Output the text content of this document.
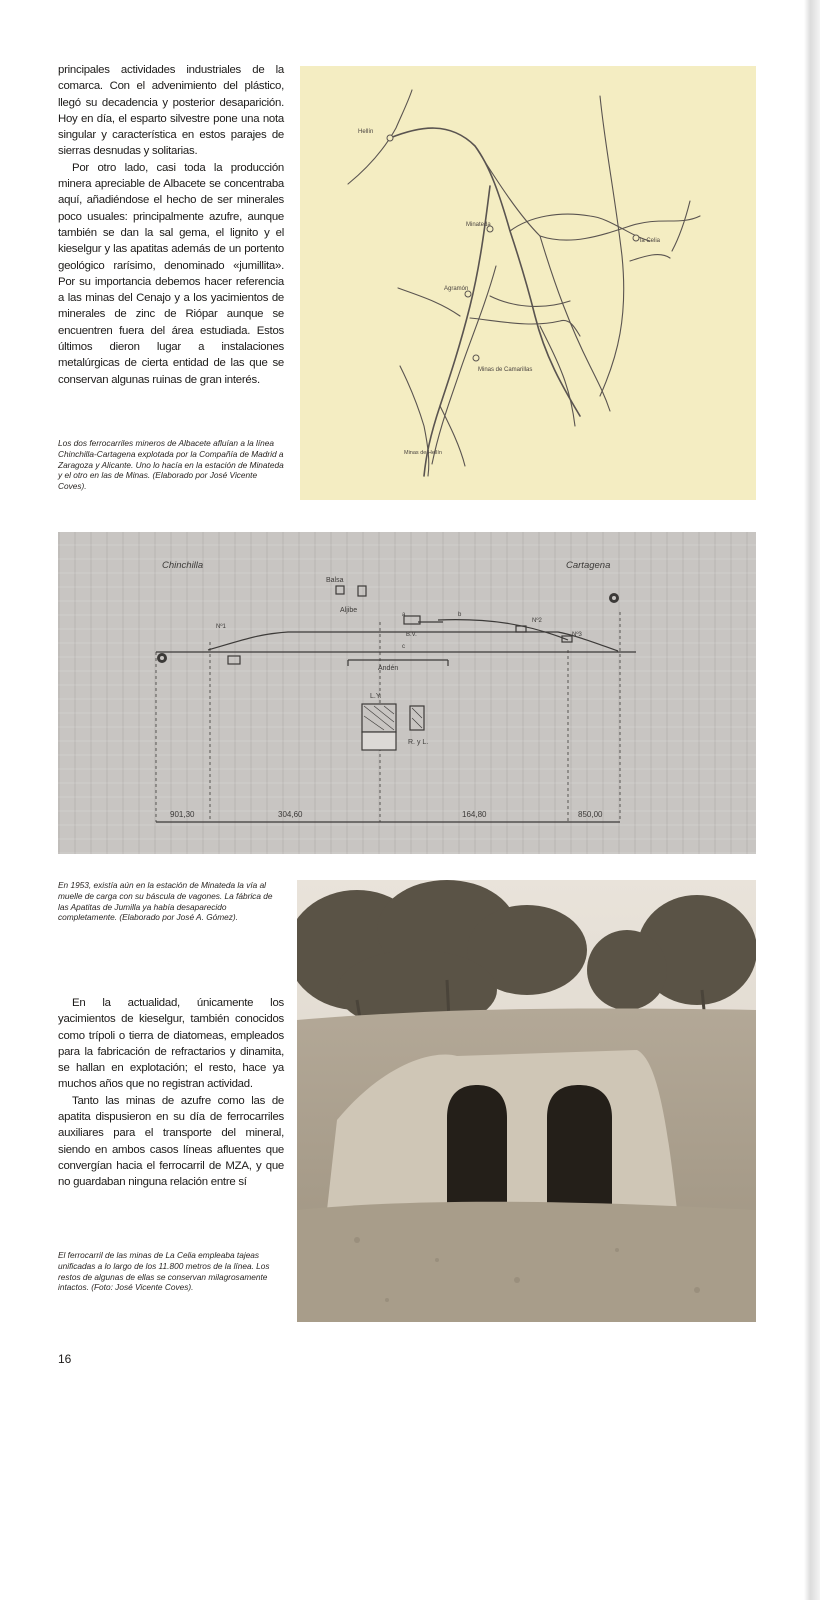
principales actividades industriales de la comarca. Con el advenimiento del plástico, llegó su decadencia y posterior desaparición. Hoy en día, el esparto silvestre pone una nota singular y característica en estos parajes de sierras desnudas y solitarias.

Por otro lado, casi toda la producción minera apreciable de Albacete se concentraba aquí, añadiéndose el hecho de ser minerales poco usuales: principalmente azufre, aunque también se dan la sal gema, el lignito y el kieselgur y las apatitas además de un portento geológico rarísimo, denominado «jumillita». Por su importancia debemos hacer referencia a las minas del Cenajo y a los yacimientos de minerales de zinc de Riópar aunque se encuentren fuera del área estudiada. Estos últimos dieron lugar a instalaciones metalúrgicas de cierta entidad de las que se conservan algunas ruinas de gran interés.

Los dos ferrocarriles mineros de Albacete afluían a la línea Chinchilla-Cartagena explotada por la Compañía de Madrid a Zaragoza y Alicante. Uno lo hacía en la estación de Minateda y el otro en las de Minas. (Elaborado por José Vicente Coves).

Hellín
Minateda
la Celia
Agramón
Minas de Camarillas
Minas de Hellín
Chinchilla	Cartagena
Balsa
Aljibe
B.V.
Andén
Nº1
Nº2
Nº3
a	b
c
L.Y.
R. y L.
901,30	304,60	164,80	850,00

En 1953, existía aún en la estación de Minateda la vía al muelle de carga con su báscula de vagones. La fábrica de las Apatitas de Jumilla ya había desaparecido completamente. (Elaborado por José A. Gómez).

En la actualidad, únicamente los yacimientos de kieselgur, también conocidos como trípoli o tierra de diatomeas, empleados para la fabricación de refractarios y dinamita, se hallan en explotación; el resto, hace ya muchos años que no registran actividad.

Tanto las minas de azufre como las de apatita dispusieron en su día de ferrocarriles auxiliares para el transporte del mineral, siendo en ambos casos líneas afluentes que convergían hacia el ferrocarril de MZA, y que no guardaban ninguna relación entre sí

El ferrocarril de las minas de La Celia empleaba tajeas unificadas a lo largo de los 11.800 metros de la línea. Los restos de algunas de ellas se conservan milagrosamente intactos. (Foto: José Vicente Coves).

16
